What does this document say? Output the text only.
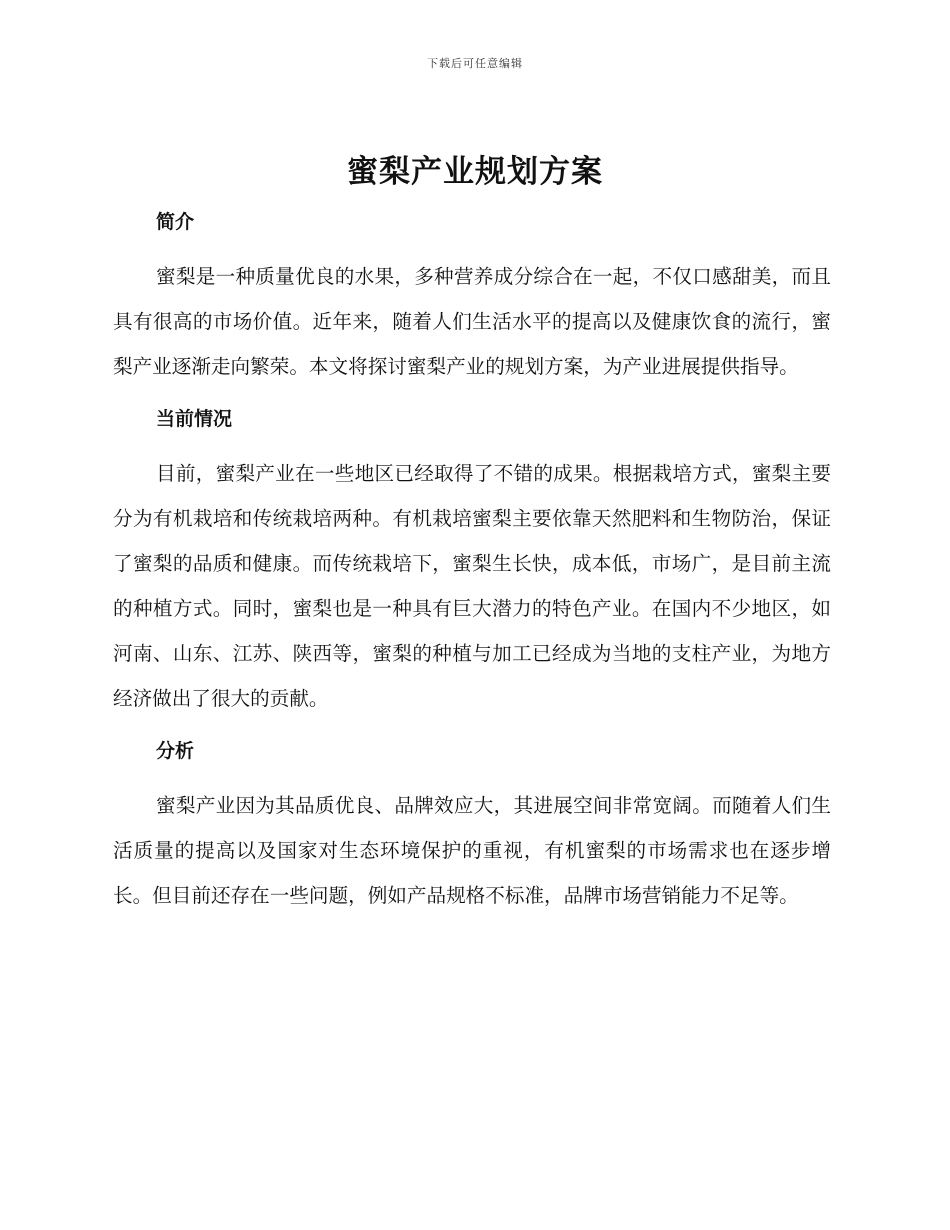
下载后可任意编辑
蜜梨产业规划方案
简介

蜜梨是一种质量优良的水果，多种营养成分综合在一起，不仅口感甜美，而且具有很高的市场价值。近年来，随着人们生活水平的提高以及健康饮食的流行，蜜梨产业逐渐走向繁荣。本文将探讨蜜梨产业的规划方案，为产业进展提供指导。

当前情况

目前，蜜梨产业在一些地区已经取得了不错的成果。根据栽培方式，蜜梨主要分为有机栽培和传统栽培两种。有机栽培蜜梨主要依靠天然肥料和生物防治，保证了蜜梨的品质和健康。而传统栽培下，蜜梨生长快，成本低，市场广，是目前主流的种植方式。同时，蜜梨也是一种具有巨大潜力的特色产业。在国内不少地区，如河南、山东、江苏、陕西等，蜜梨的种植与加工已经成为当地的支柱产业，为地方经济做出了很大的贡献。

分析

蜜梨产业因为其品质优良、品牌效应大，其进展空间非常宽阔。而随着人们生活质量的提高以及国家对生态环境保护的重视，有机蜜梨的市场需求也在逐步增长。但目前还存在一些问题，例如产品规格不标准，品牌市场营销能力不足等。
